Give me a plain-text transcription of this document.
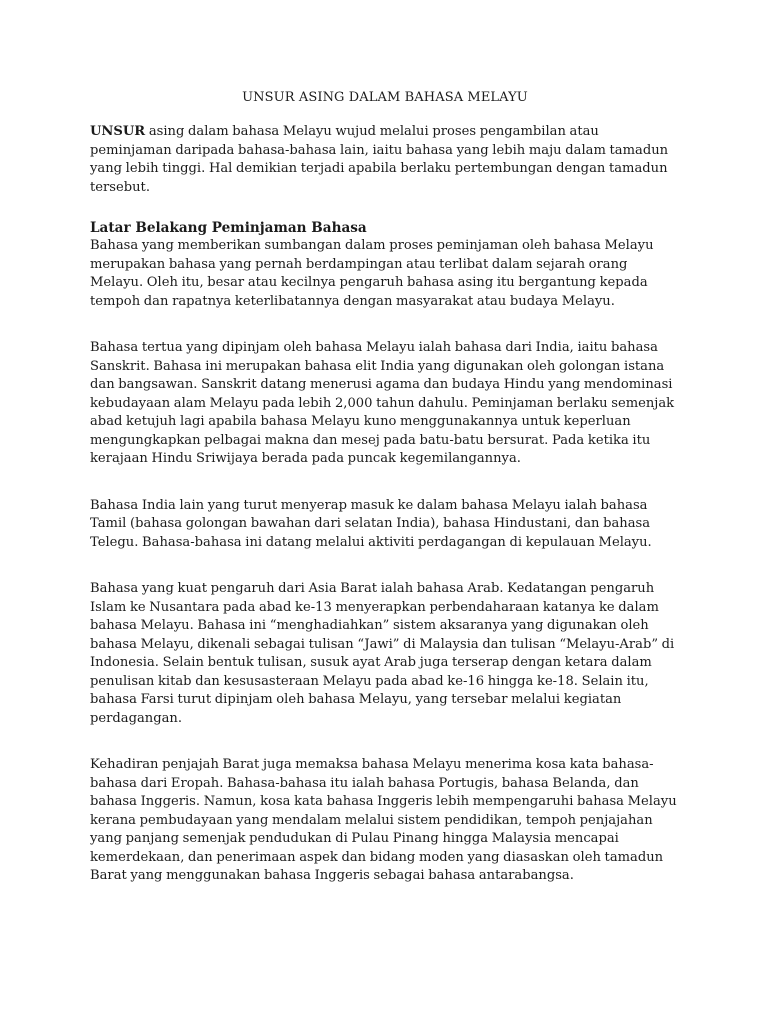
UNSUR ASING DALAM BAHASA MELAYU

UNSUR asing dalam bahasa Melayu wujud melalui proses pengambilan atau peminjaman daripada bahasa-bahasa lain, iaitu bahasa yang lebih maju dalam tamadun yang lebih tinggi. Hal demikian terjadi apabila berlaku pertembungan dengan tamadun tersebut.

Latar Belakang Peminjaman Bahasa

Bahasa yang memberikan sumbangan dalam proses peminjaman oleh bahasa Melayu merupakan bahasa yang pernah berdampingan atau terlibat dalam sejarah orang Melayu. Oleh itu, besar atau kecilnya pengaruh bahasa asing itu bergantung kepada tempoh dan rapatnya keterlibatannya dengan masyarakat atau budaya Melayu.

Bahasa tertua yang dipinjam oleh bahasa Melayu ialah bahasa dari India, iaitu bahasa Sanskrit. Bahasa ini merupakan bahasa elit India yang digunakan oleh golongan istana dan bangsawan. Sanskrit datang menerusi agama dan budaya Hindu yang mendominasi kebudayaan alam Melayu pada lebih 2,000 tahun dahulu. Peminjaman berlaku semenjak abad ketujuh lagi apabila bahasa Melayu kuno menggunakannya untuk keperluan mengungkapkan pelbagai makna dan mesej pada batu-batu bersurat. Pada ketika itu kerajaan Hindu Sriwijaya berada pada puncak kegemilangannya.

Bahasa India lain yang turut menyerap masuk ke dalam bahasa Melayu ialah bahasa Tamil (bahasa golongan bawahan dari selatan India), bahasa Hindustani, dan bahasa Telegu. Bahasa-bahasa ini datang melalui aktiviti perdagangan di kepulauan Melayu.

Bahasa yang kuat pengaruh dari Asia Barat ialah bahasa Arab. Kedatangan pengaruh Islam ke Nusantara pada abad ke-13 menyerapkan perbendaharaan katanya ke dalam bahasa Melayu. Bahasa ini “menghadiahkan” sistem aksaranya yang digunakan oleh bahasa Melayu, dikenali sebagai tulisan “Jawi” di Malaysia dan tulisan “Melayu-Arab” di Indonesia. Selain bentuk tulisan, susuk ayat Arab juga terserap dengan ketara dalam penulisan kitab dan kesusasteraan Melayu pada abad ke-16 hingga ke-18. Selain itu, bahasa Farsi turut dipinjam oleh bahasa Melayu, yang tersebar melalui kegiatan perdagangan.

Kehadiran penjajah Barat juga memaksa bahasa Melayu menerima kosa kata bahasa-bahasa dari Eropah. Bahasa-bahasa itu ialah bahasa Portugis, bahasa Belanda, dan bahasa Inggeris. Namun, kosa kata bahasa Inggeris lebih mempengaruhi bahasa Melayu kerana pembudayaan yang mendalam melalui sistem pendidikan, tempoh penjajahan yang panjang semenjak pendudukan di Pulau Pinang hingga Malaysia mencapai kemerdekaan, dan penerimaan aspek dan bidang moden yang diasaskan oleh tamadun Barat yang menggunakan bahasa Inggeris sebagai bahasa antarabangsa.
